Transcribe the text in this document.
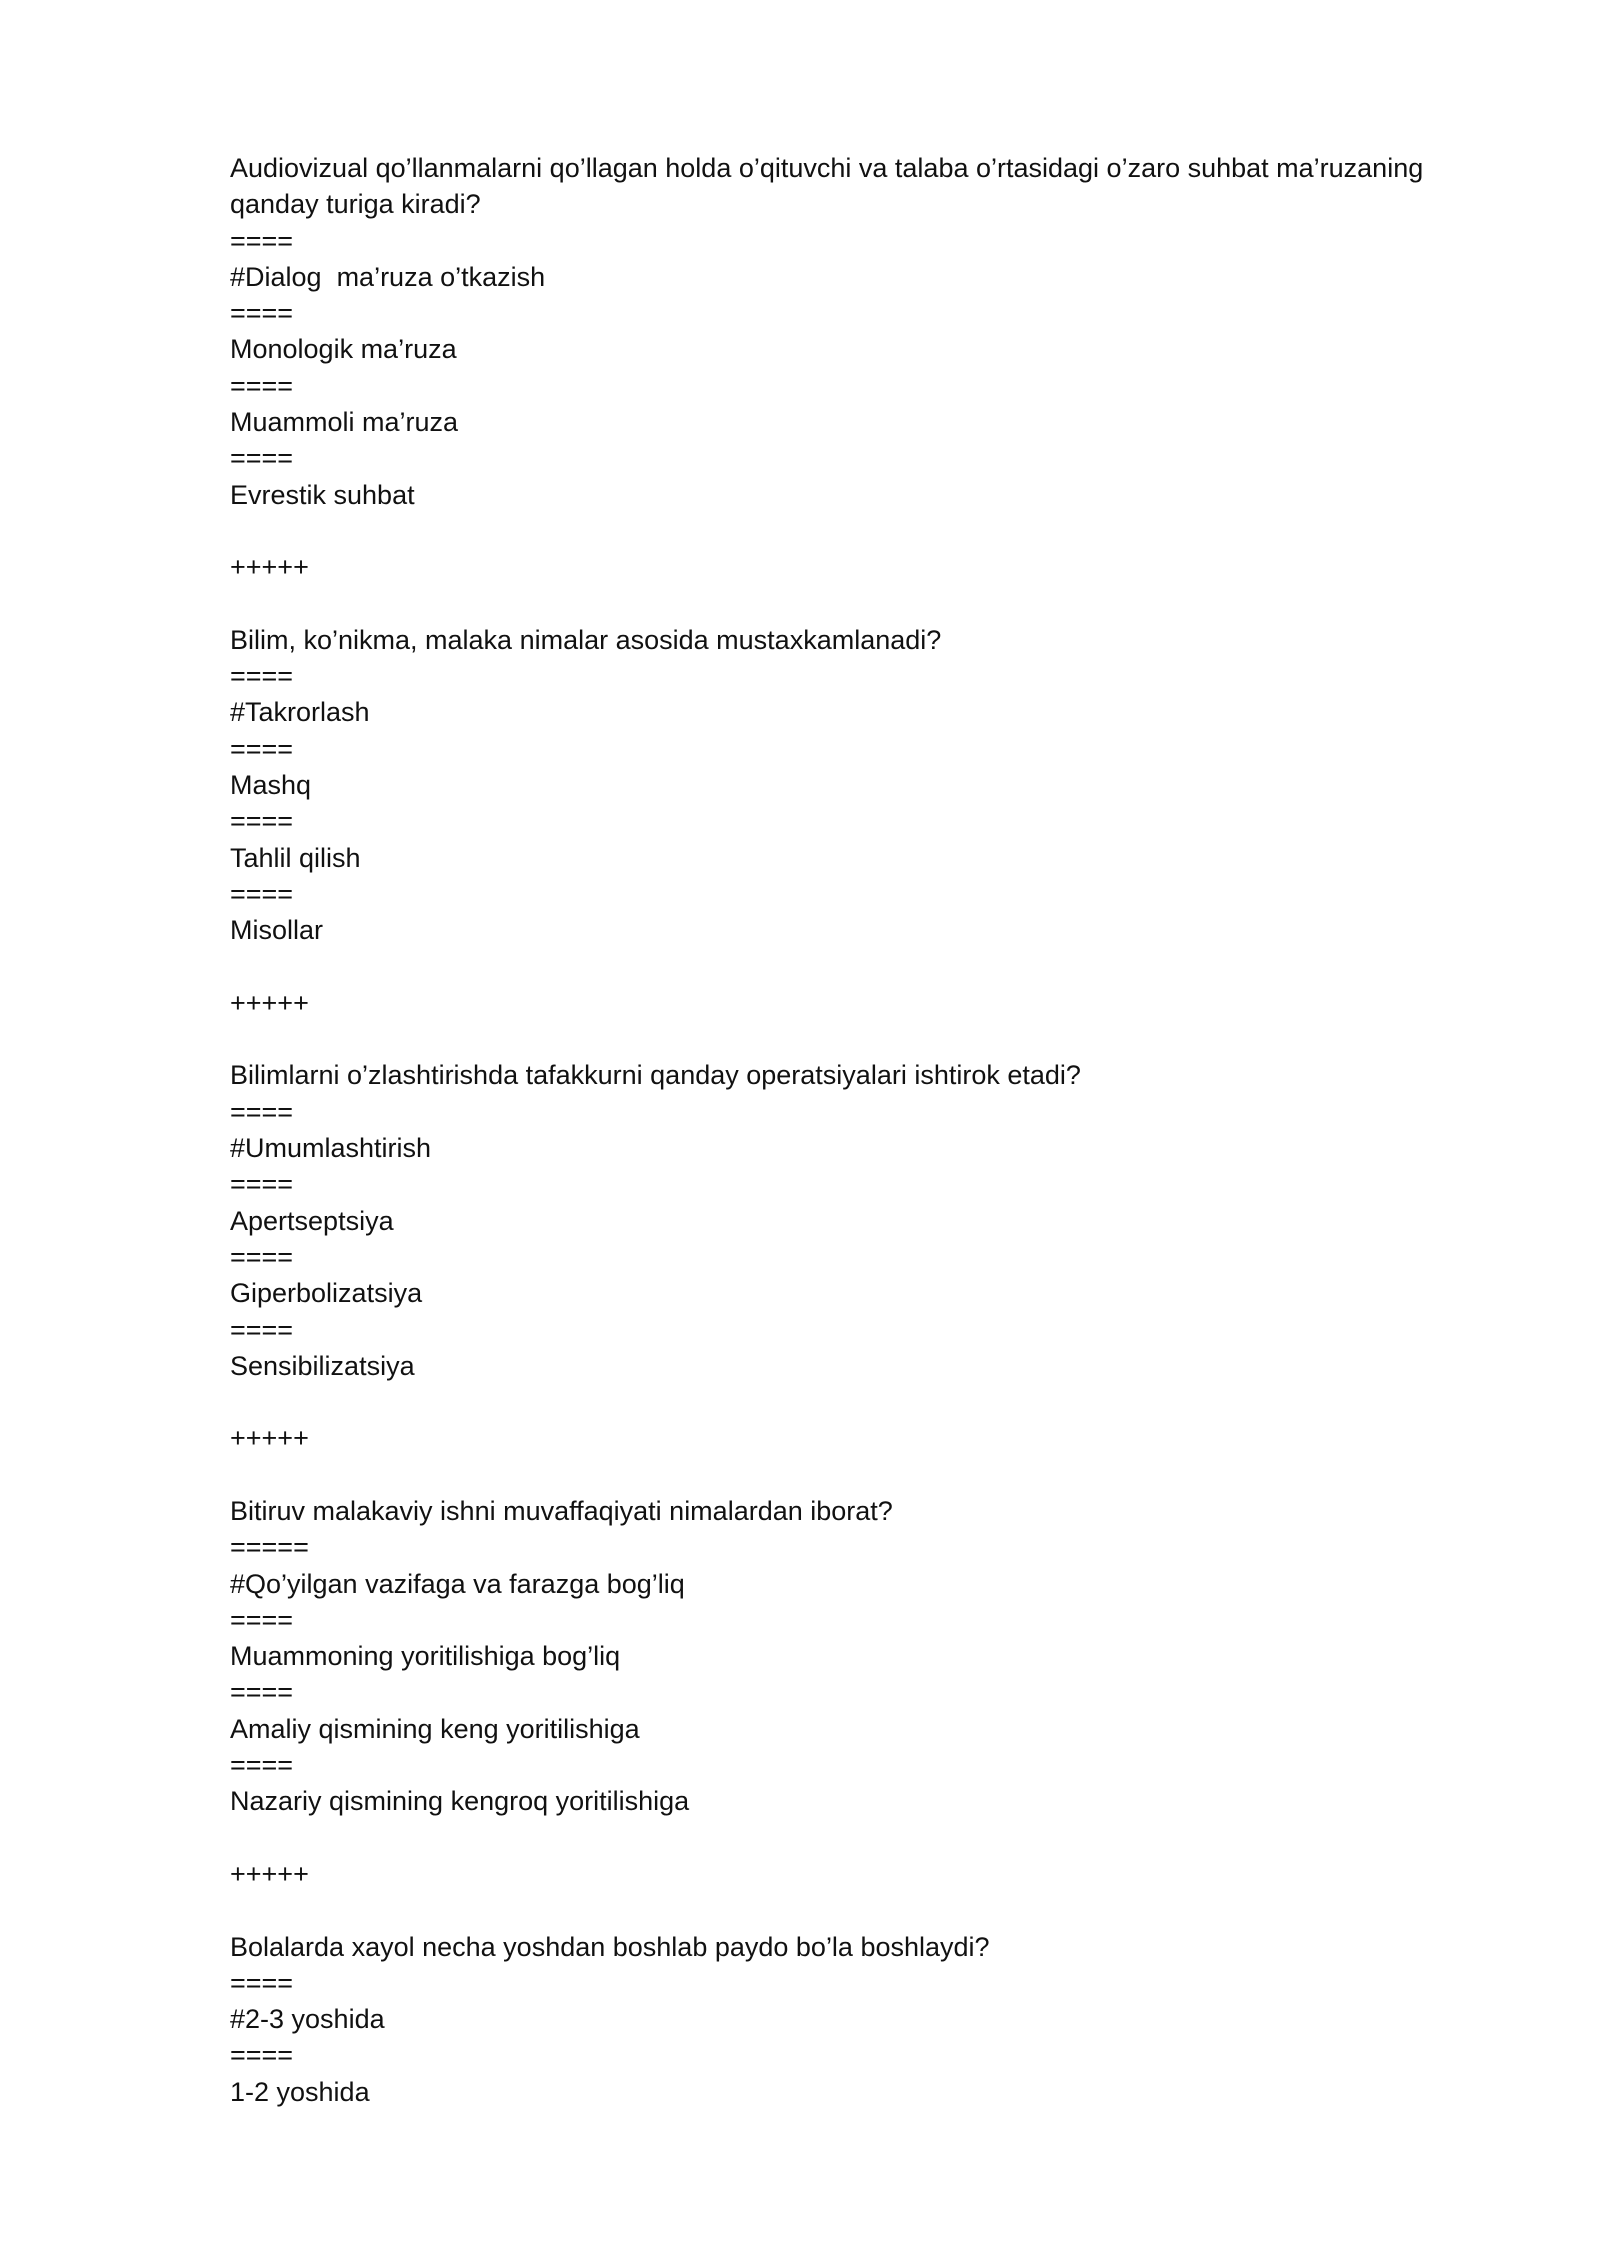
Audiovizual qo’llanmalarni qo’llagan holda o’qituvchi va talaba o’rtasidagi o’zaro suhbat ma’ruzaning qanday turiga kiradi?

====

#Dialog  ma’ruza o’tkazish

====

Monologik ma’ruza

====

Muammoli ma’ruza

====

Evrestik suhbat

+++++

Bilim, ko’nikma, malaka nimalar asosida mustaxkamlanadi?

====

#Takrorlash

====

Mashq

====

Tahlil qilish

====

Misollar

+++++

Bilimlarni o’zlashtirishda tafakkurni qanday operatsiyalari ishtirok etadi?

====

#Umumlashtirish

====

Apertseptsiya

====

Giperbolizatsiya

====

Sensibilizatsiya

+++++

Bitiruv malakaviy ishni muvaffaqiyati nimalardan iborat?

=====

#Qo’yilgan vazifaga va farazga bog’liq

====

Muammoning yoritilishiga bog’liq

====

Amaliy qismining keng yoritilishiga

====

Nazariy qismining kengroq yoritilishiga

+++++

Bolalarda xayol necha yoshdan boshlab paydo bo’la boshlaydi?

====

#2-3 yoshida

====

1-2 yoshida
